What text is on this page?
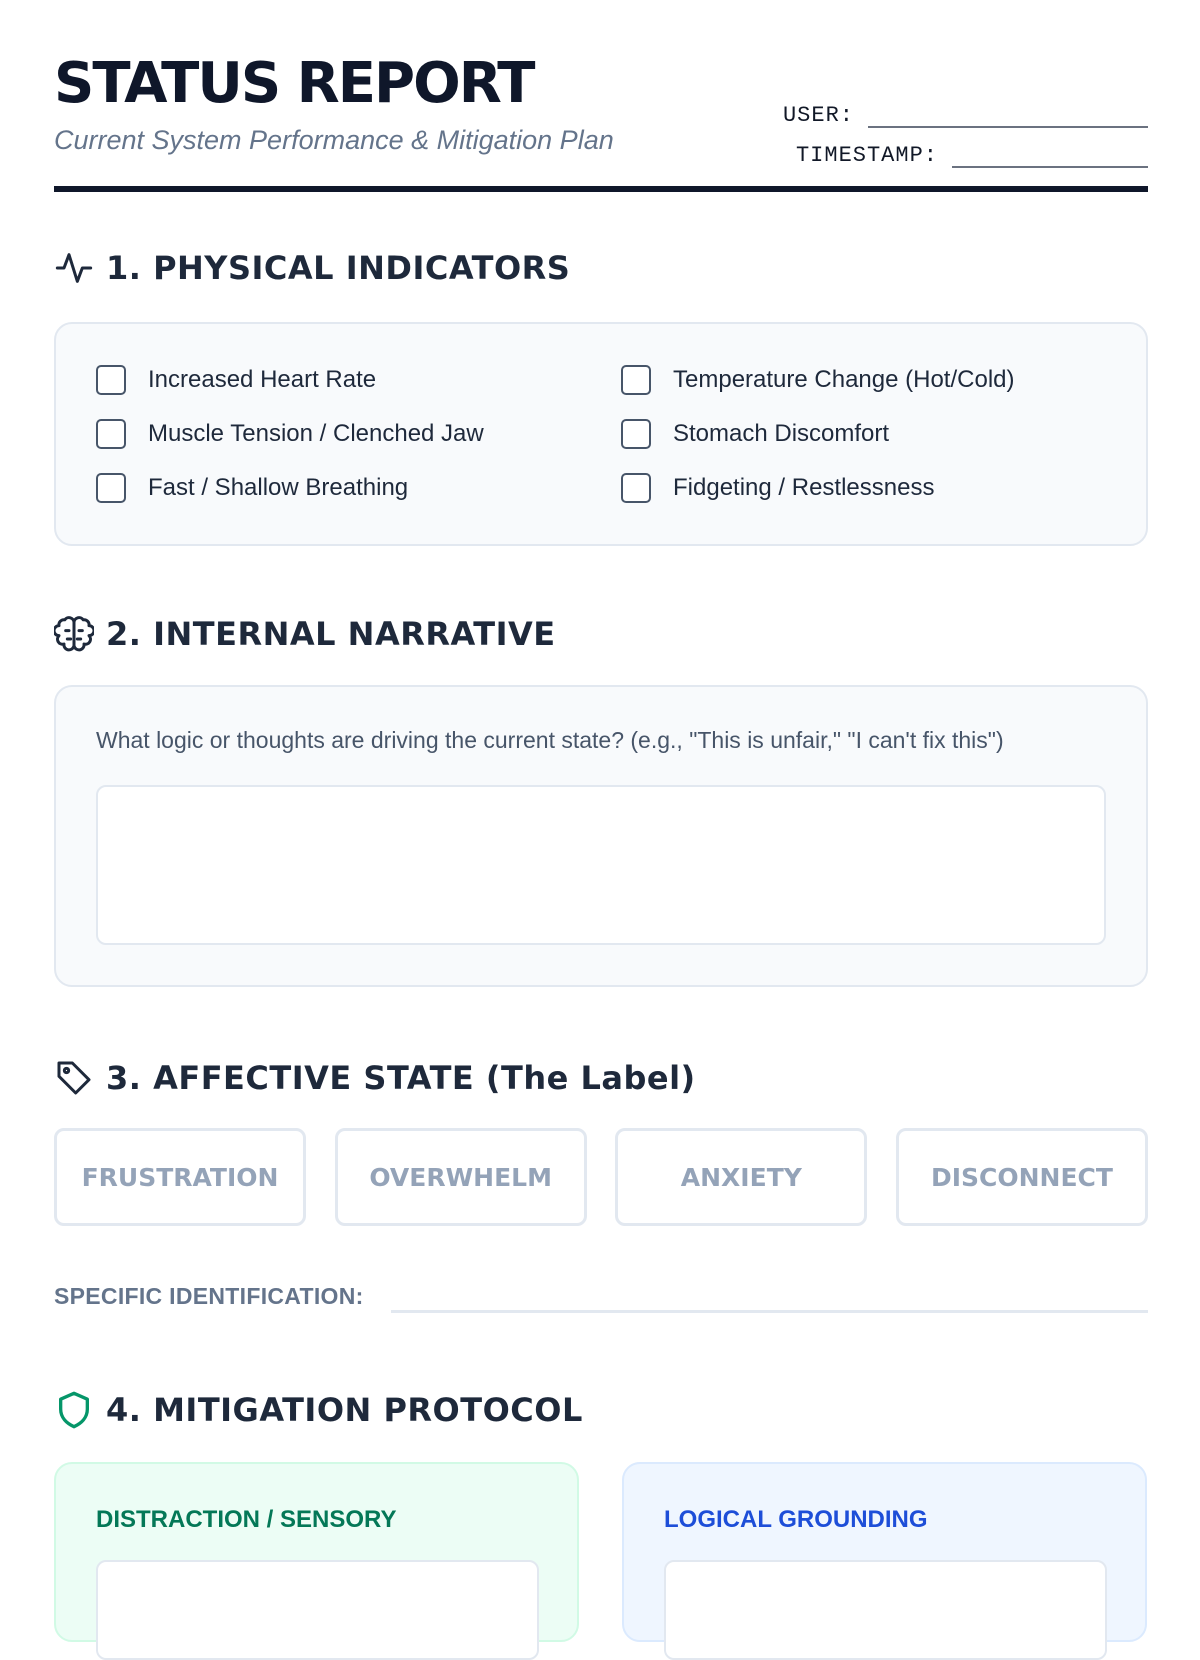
STATUS REPORT

Current System Performance & Mitigation Plan

USER:
TIMESTAMP:
1. PHYSICAL INDICATORS
Increased Heart Rate	Temperature Change (Hot/Cold)
Muscle Tension / Clenched Jaw	Stomach Discomfort
Fast / Shallow Breathing	Fidgeting / Restlessness
2. INTERNAL NARRATIVE
What logic or thoughts are driving the current state? (e.g., "This is unfair," "I can't fix this")
3. AFFECTIVE STATE (The Label)
FRUSTRATION	OVERWHELM	ANXIETY	DISCONNECT
SPECIFIC IDENTIFICATION:
4. MITIGATION PROTOCOL
DISTRACTION / SENSORY	LOGICAL GROUNDING
